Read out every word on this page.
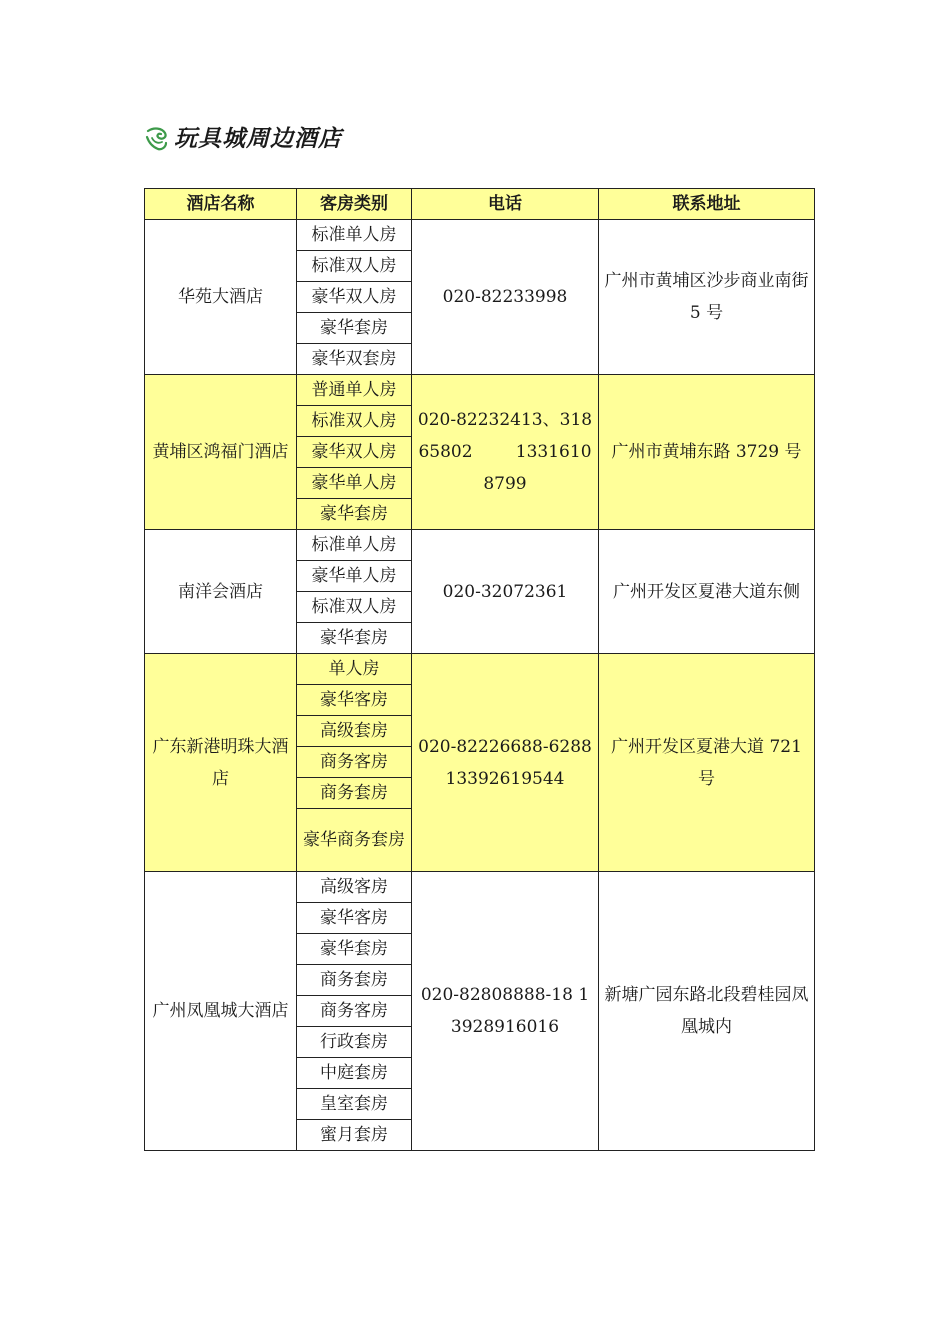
玩具城周边酒店
酒店名称	客房类别	电话	联系地址
华苑大酒店	标准单人房	020-82233998	广州市黄埔区沙步商业南街 5 号
	标准双人房		
	豪华双人房		
	豪华套房		
	豪华双套房		
黄埔区鸿福门酒店	普通单人房	020-82232413、31865802        13316108799	广州市黄埔东路 3729 号
	标准双人房		
	豪华双人房		
	豪华单人房		
	豪华套房		
南洋会酒店	标准单人房	020-32072361	广州开发区夏港大道东侧
	豪华单人房		
	标准双人房		
	豪华套房		
广东新港明珠大酒店	单人房	020-82226688-6288 13392619544	广州开发区夏港大道 721 号
	豪华客房		
	高级套房		
	商务客房		
	商务套房		
	豪华商务套房		
广州凤凰城大酒店	高级客房	020-82808888-18 13928916016	新塘广园东路北段碧桂园凤凰城内
	豪华客房		
	豪华套房		
	商务套房		
	商务客房		
	行政套房		
	中庭套房		
	皇室套房		
	蜜月套房		
